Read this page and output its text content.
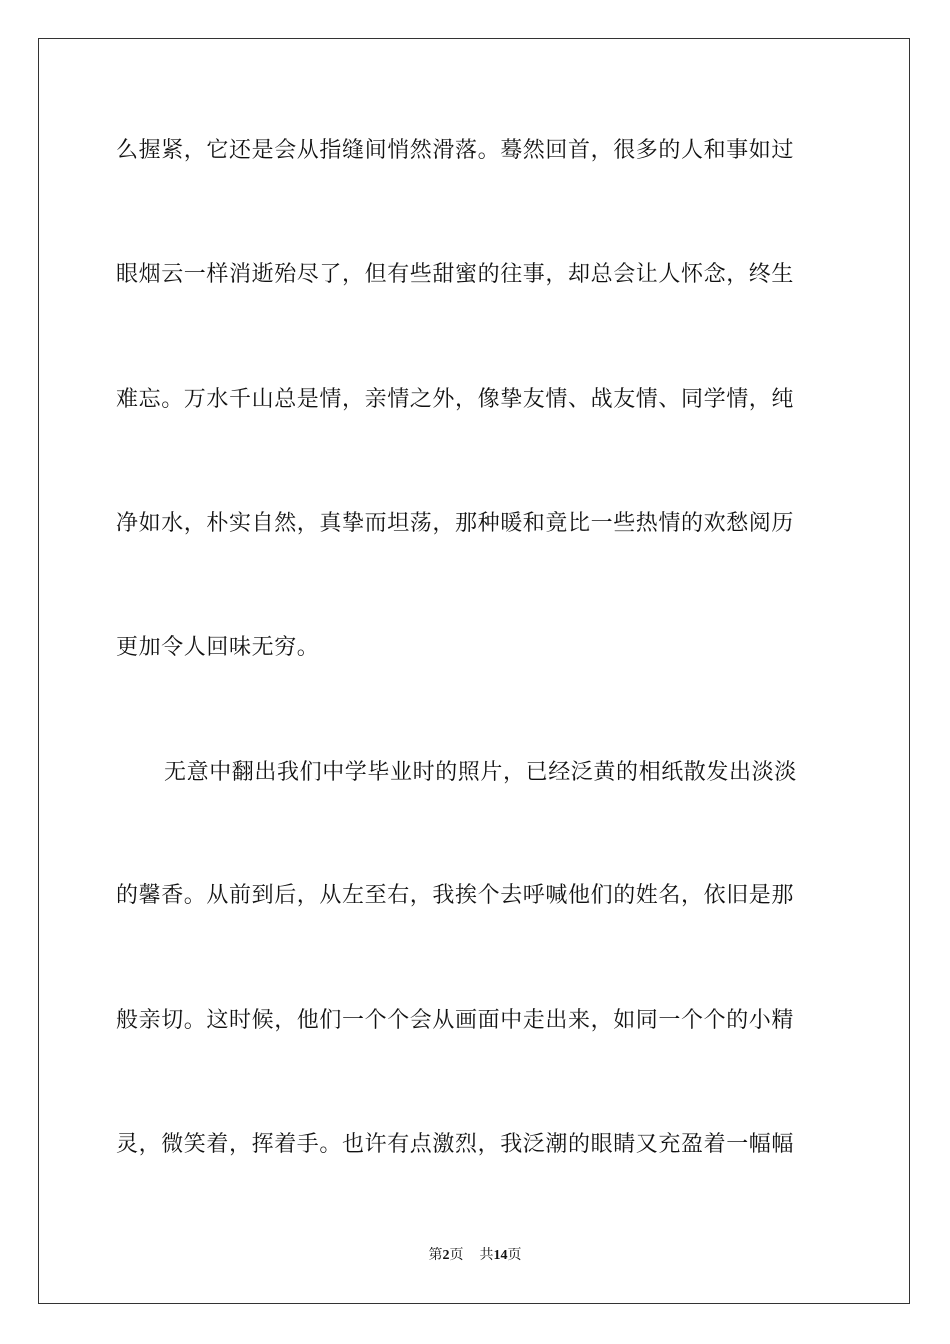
么握紧，它还是会从指缝间悄然滑落。蓦然回首，很多的人和事如过
眼烟云一样消逝殆尽了，但有些甜蜜的往事，却总会让人怀念，终生
难忘。万水千山总是情，亲情之外，像挚友情、战友情、同学情，纯
净如水，朴实自然，真挚而坦荡，那种暖和竟比一些热情的欢愁阅历
更加令人回味无穷。
无意中翻出我们中学毕业时的照片，已经泛黄的相纸散发出淡淡
的馨香。从前到后，从左至右，我挨个去呼喊他们的姓名，依旧是那
般亲切。这时候，他们一个个会从画面中走出来，如同一个个的小精
灵，微笑着，挥着手。也许有点激烈，我泛潮的眼睛又充盈着一幅幅
第2页 共14页
